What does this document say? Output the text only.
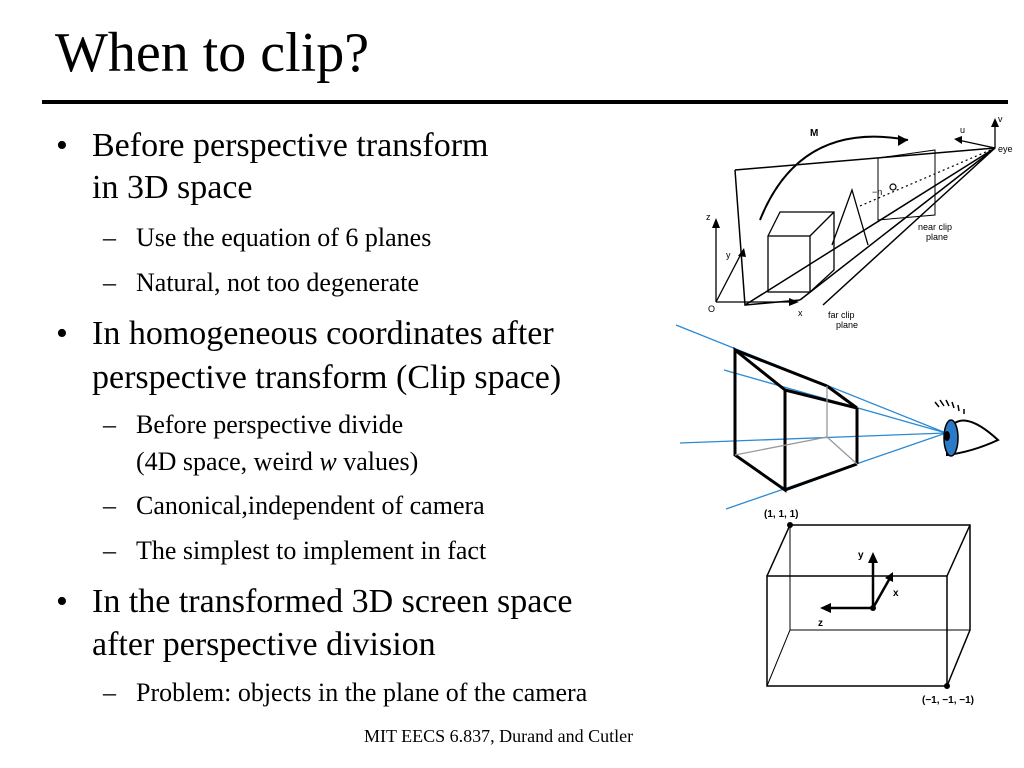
When to clip?
• Before perspective transform
in 3D space
– Use the equation of 6 planes
– Natural, not too degenerate
• In homogeneous coordinates after
perspective transform (Clip space)
– Before perspective divide
(4D space, weird w values)
– Canonical,independent of camera
– The simplest to implement in fact
• In the transformed 3D screen space
after perspective division
– Problem: objects in the plane of the camera
M	u
v
eye
−n
z
y
O	x
near clip
plane
far clip
plane
(1, 1, 1)
(−1, −1, −1)
y
x
z
MIT EECS 6.837, Durand and Cutler
